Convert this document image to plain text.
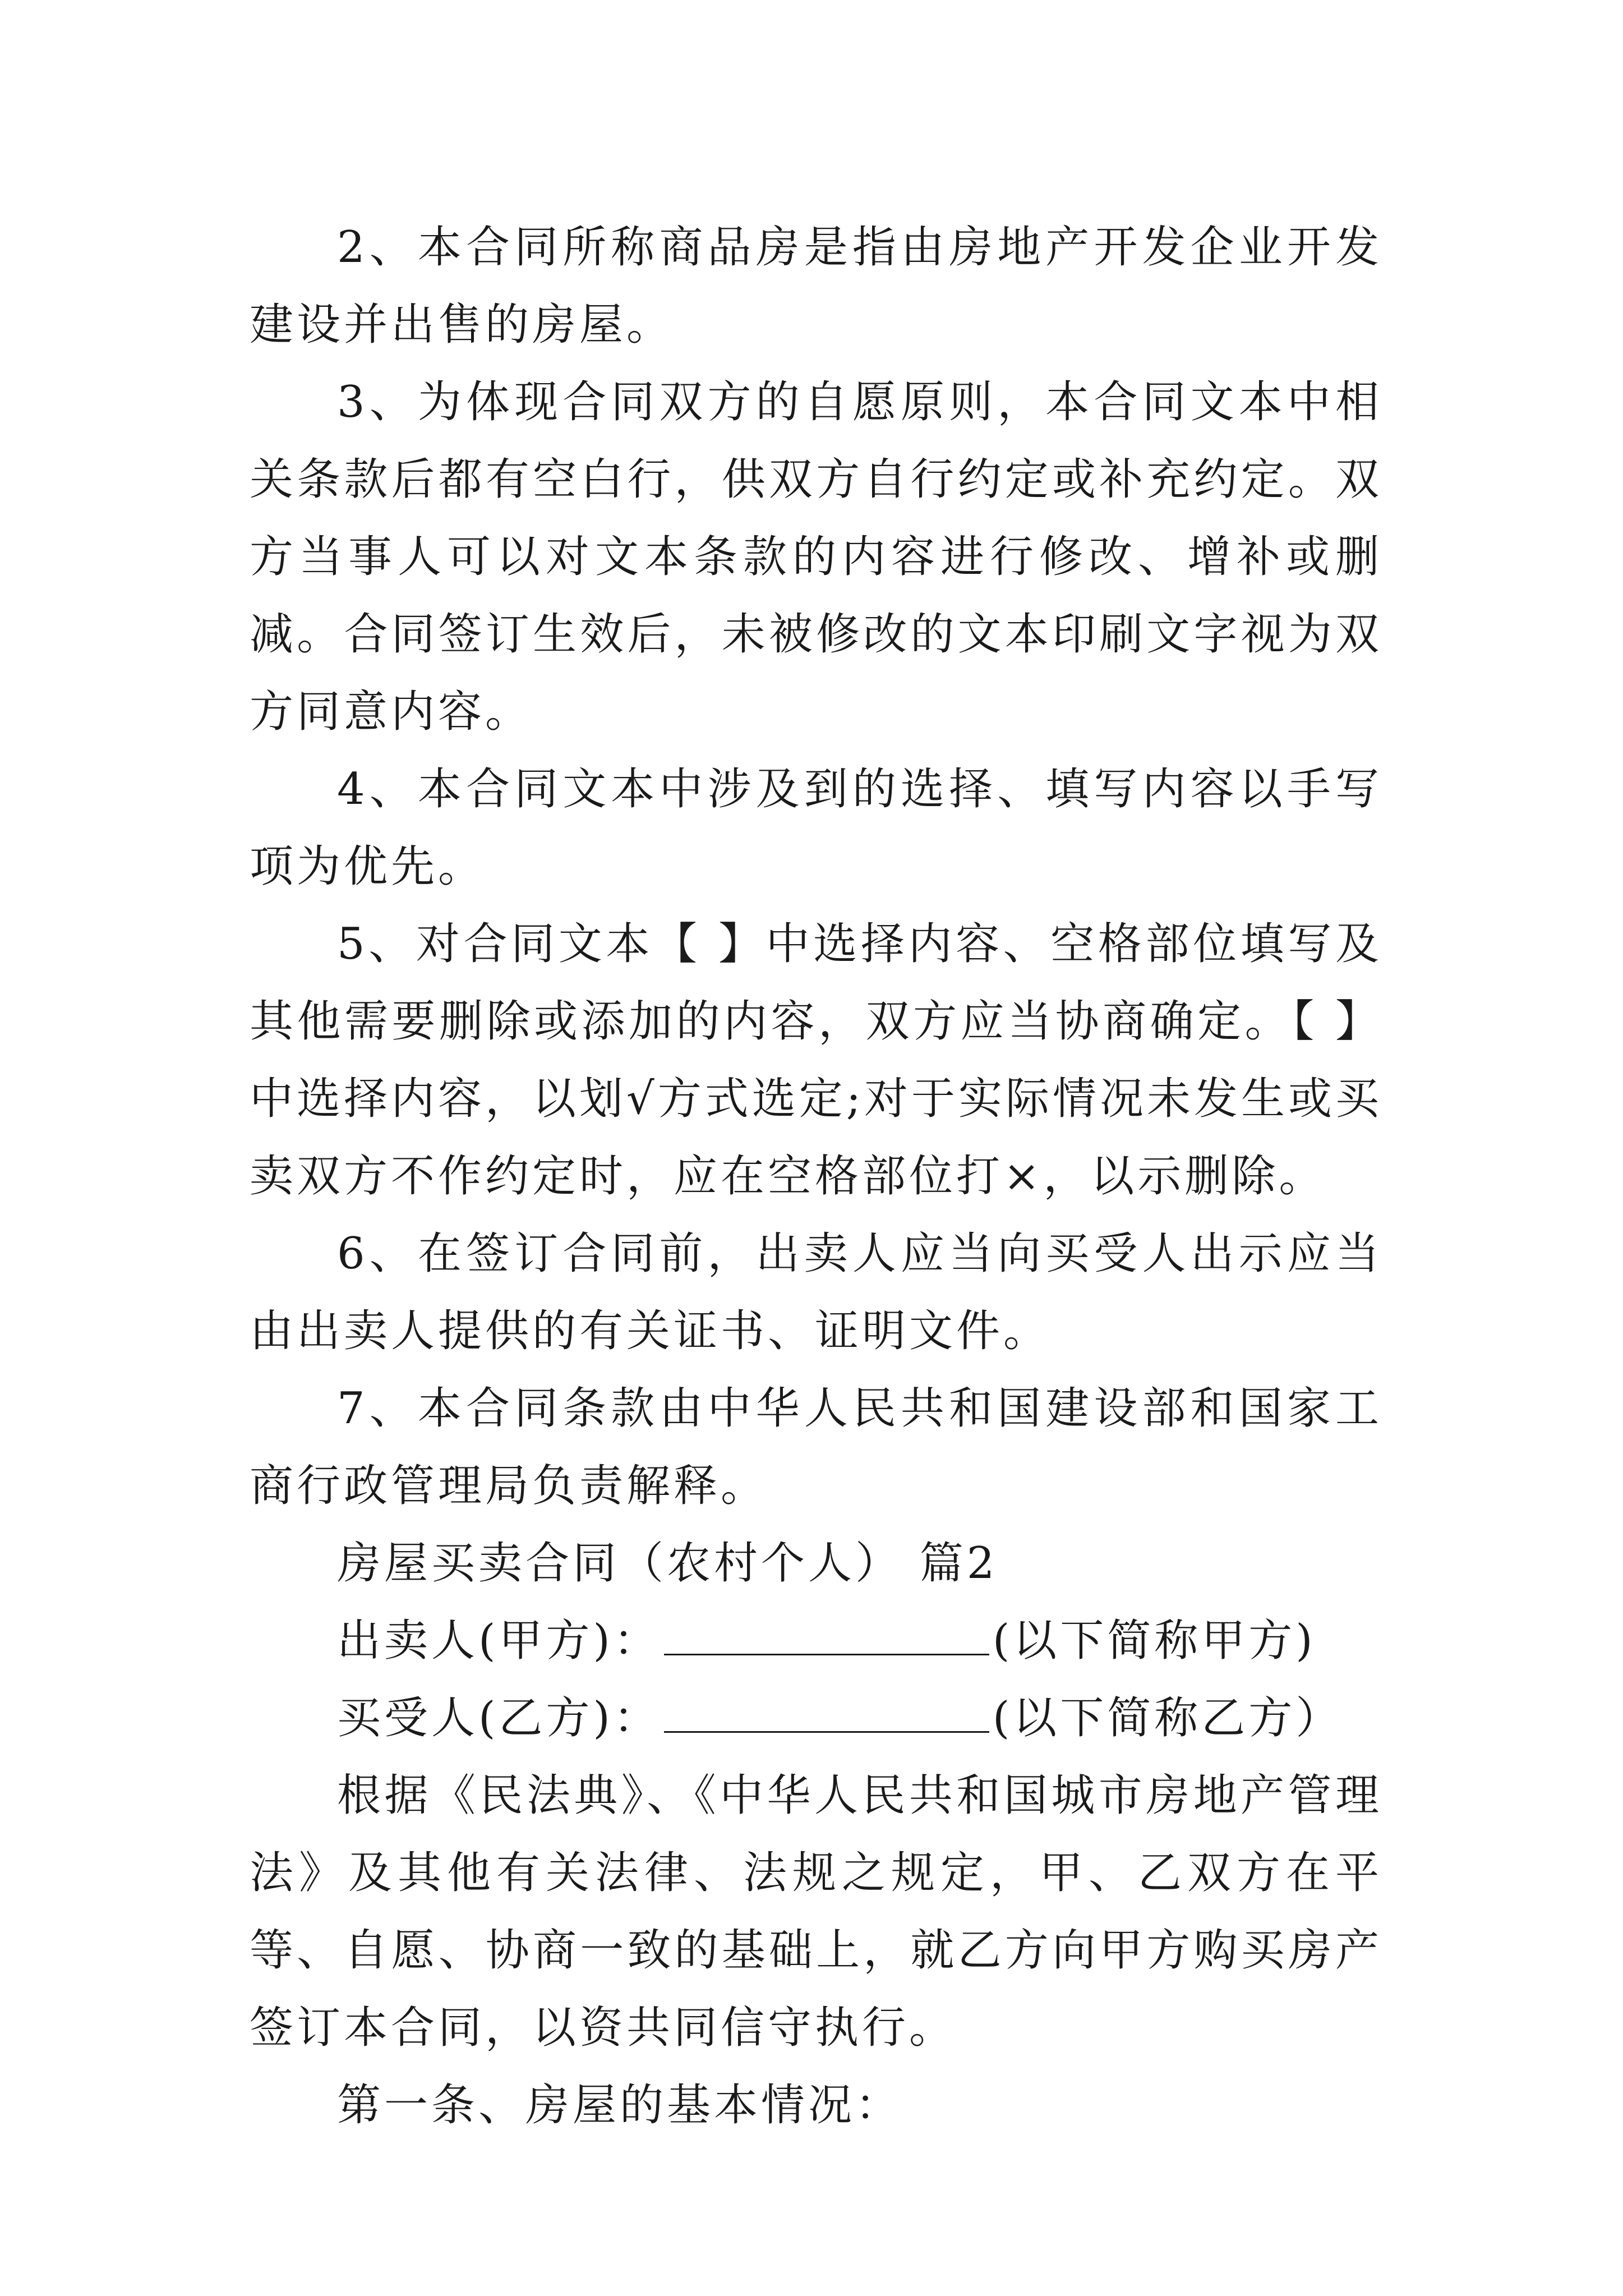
2、本合同所称商品房是指由房地产开发企业开发建设并出售的房屋。

3、为体现合同双方的自愿原则，本合同文本中相关条款后都有空白行，供双方自行约定或补充约定。双方当事人可以对文本条款的内容进行修改、增补或删减。合同签订生效后，未被修改的文本印刷文字视为双方同意内容。

4、本合同文本中涉及到的选择、填写内容以手写项为优先。

5、对合同文本【 】中选择内容、空格部位填写及其他需要删除或添加的内容，双方应当协商确定。【 】中选择内容，以划√方式选定;对于实际情况未发生或买卖双方不作约定时，应在空格部位打×，以示删除。

6、在签订合同前，出卖人应当向买受人出示应当由出卖人提供的有关证书、证明文件。

7、本合同条款由中华人民共和国建设部和国家工商行政管理局负责解释。

房屋买卖合同（农村个人） 篇2

出卖人(甲方)：	(以下简称甲方)

买受人(乙方)：	(以下简称乙方）

根据《民法典》、《中华人民共和国城市房地产管理法》及其他有关法律、法规之规定，甲、乙双方在平等、自愿、协商一致的基础上，就乙方向甲方购买房产签订本合同，以资共同信守执行。

第一条、房屋的基本情况：
